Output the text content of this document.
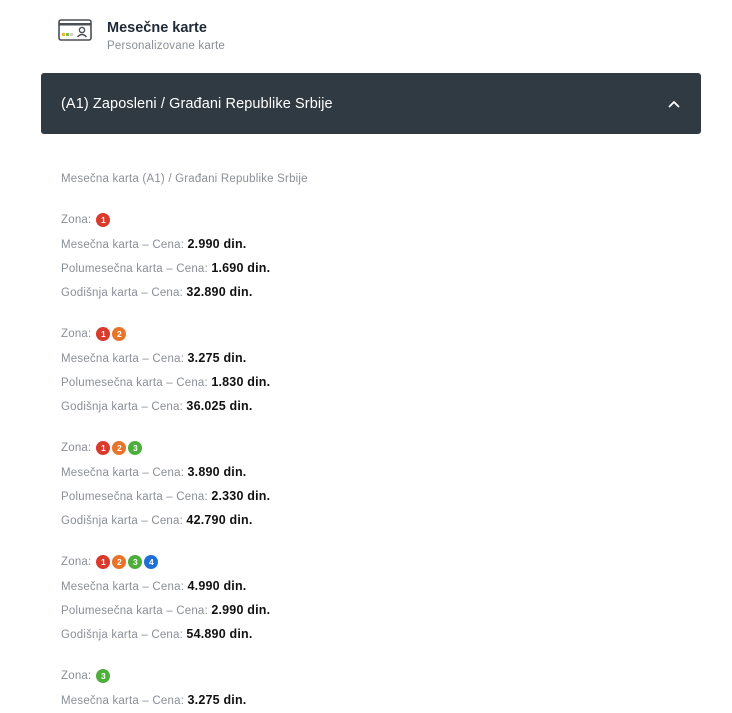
Mesečne karte
Personalizovane karte
(A1) Zaposleni / Građani Republike Srbije
Mesečna karta (A1) / Građani Republike Srbije
Zona:	1
Mesečna karta – Cena: 2.990 din.
Polumesečna karta – Cena: 1.690 din.
Godišnja karta – Cena: 32.890 din.
Zona:	1	2
Mesečna karta – Cena: 3.275 din.
Polumesečna karta – Cena: 1.830 din.
Godišnja karta – Cena: 36.025 din.
Zona:	1	2	3
Mesečna karta – Cena: 3.890 din.
Polumesečna karta – Cena: 2.330 din.
Godišnja karta – Cena: 42.790 din.
Zona:	1	2	3	4
Mesečna karta – Cena: 4.990 din.
Polumesečna karta – Cena: 2.990 din.
Godišnja karta – Cena: 54.890 din.
Zona:	3
Mesečna karta – Cena: 3.275 din.
